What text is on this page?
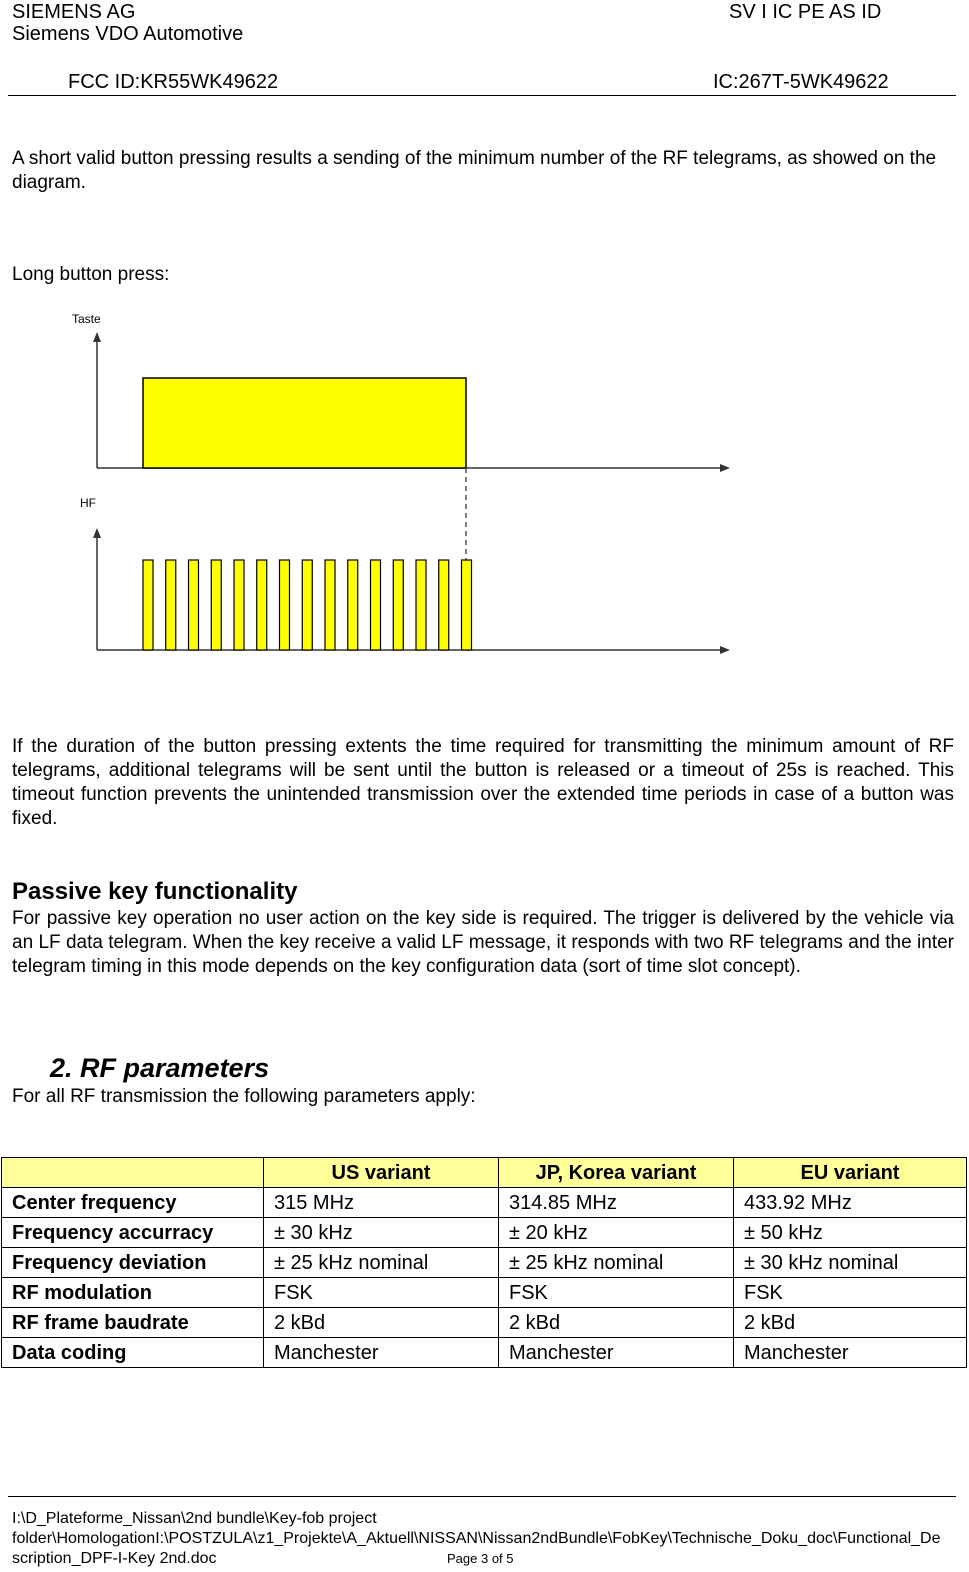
SIEMENS AG
Siemens VDO Automotive
SV I IC PE AS ID
FCC ID:KR55WK49622	IC:267T-5WK49622
A short valid button pressing results a sending of the minimum number of the RF telegrams, as showed on the diagram.
Long button press:
Taste
HF
If the duration of the button pressing extents the time required for transmitting the minimum amount of RF telegrams, additional telegrams will be sent until the button is released or a timeout of 25s is reached. This timeout function prevents the unintended transmission over the extended time periods in case of a button was fixed.
Passive key functionality
For passive key operation no user action on the key side is required. The trigger is delivered by the vehicle via an LF data telegram. When the key receive a valid LF message, it responds with two RF telegrams and the inter telegram timing in this mode depends on the key configuration data (sort of time slot concept).
2. RF parameters
For all RF transmission the following parameters apply:
	US variant	JP, Korea variant	EU variant
Center frequency	315 MHz	314.85 MHz	433.92 MHz
Frequency accurracy	± 30 kHz	± 20 kHz	± 50 kHz
Frequency deviation	± 25 kHz nominal	± 25 kHz nominal	± 30 kHz nominal
RF modulation	FSK	FSK	FSK
RF frame baudrate	2 kBd	2 kBd	2 kBd
Data coding	Manchester	Manchester	Manchester
I:\D_Plateforme_Nissan\2nd bundle\Key-fob project
folder\HomologationI:\POSTZULA\z1_Projekte\A_Aktuell\NISSAN\Nissan2ndBundle\FobKey\Technische_Doku_doc\Functional_De
scription_DPF-I-Key 2nd.doc	Page 3 of 5
